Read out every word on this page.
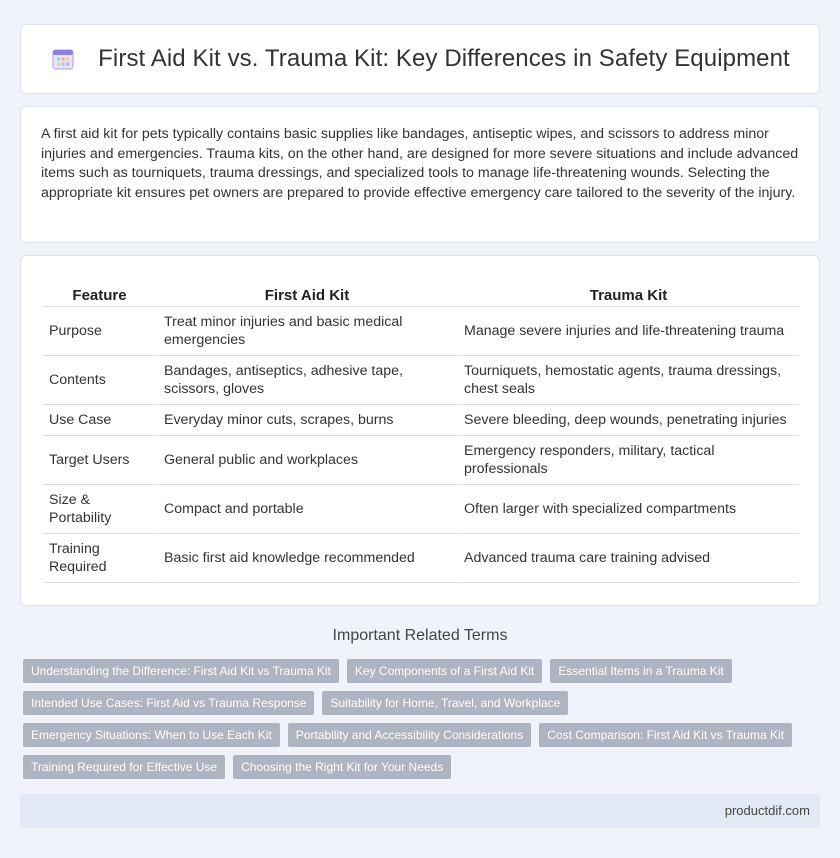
First Aid Kit vs. Trauma Kit: Key Differences in Safety Equipment

A first aid kit for pets typically contains basic supplies like bandages, antiseptic wipes, and scissors to address minor injuries and emergencies. Trauma kits, on the other hand, are designed for more severe situations and include advanced items such as tourniquets, trauma dressings, and specialized tools to manage life-threatening wounds. Selecting the appropriate kit ensures pet owners are prepared to provide effective emergency care tailored to the severity of the injury.

Feature	First Aid Kit	Trauma Kit
Purpose	Treat minor injuries and basic medical emergencies	Manage severe injuries and life-threatening trauma
Contents	Bandages, antiseptics, adhesive tape, scissors, gloves	Tourniquets, hemostatic agents, trauma dressings, chest seals
Use Case	Everyday minor cuts, scrapes, burns	Severe bleeding, deep wounds, penetrating injuries
Target Users	General public and workplaces	Emergency responders, military, tactical professionals
Size & Portability	Compact and portable	Often larger with specialized compartments
Training Required	Basic first aid knowledge recommended	Advanced trauma care training advised
Important Related Terms
Understanding the Difference: First Aid Kit vs Trauma Kit	Key Components of a First Aid Kit	Essential Items in a Trauma Kit
Intended Use Cases: First Aid vs Trauma Response	Suitability for Home, Travel, and Workplace
Emergency Situations: When to Use Each Kit	Portability and Accessibility Considerations	Cost Comparison: First Aid Kit vs Trauma Kit
Training Required for Effective Use	Choosing the Right Kit for Your Needs
productdif.com
